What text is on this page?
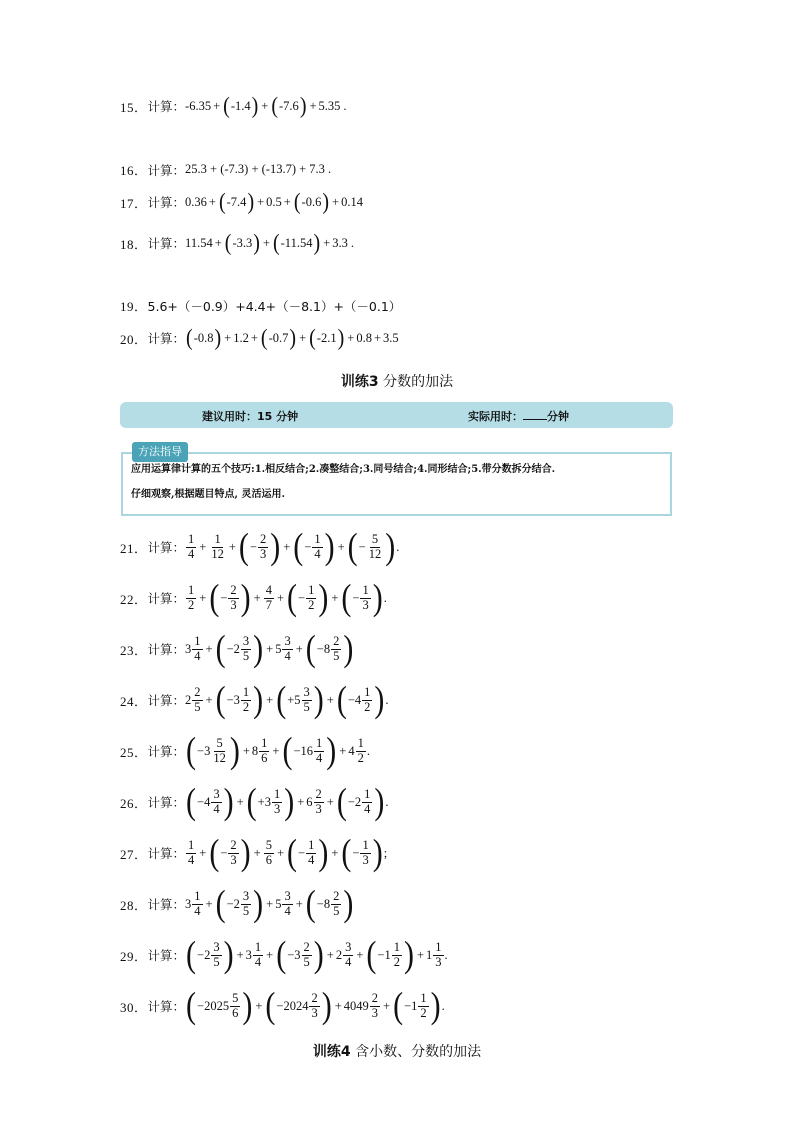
15． 计算： -6.35 + ( -1.4 ) + ( -7.6 ) + 5.35 .
16． 计算： 25.3 + (-7.3) + (-13.7) + 7.3 .
17． 计算： 0.36 + ( -7.4 ) + 0.5 + ( -0.6 ) + 0.14
18． 计算： 11.54 + ( -3.3 ) + ( -11.54 ) + 3.3 .
19． 5.6+（－0.9）+4.4+（－8.1）+（－0.1）
20． 计算： ( -0.8 ) + 1.2 + ( -0.7 ) + ( -2.1 ) + 0.8 + 3.5
训练3 分数的加法
建议用时：15 分钟	实际用时： 分钟
方法指导
应用运算律计算的五个技巧:1.相反结合;2.凑整结合;3.同号结合;4.同形结合;5.带分数拆分结合.
仔细观察,根据题目特点, 灵活运用.
21． 计算： $\frac{1}{4} + \frac{1}{12}$ + ( − $\frac{2}{3}$ ) + ( − $\frac{1}{4}$ ) + ( − $\frac{5}{12}$ ) .
22． 计算： $\frac{1}{2}$ + ( − $\frac{2}{3}$ ) + $\frac{4}{7}$ + ( − $\frac{1}{2}$ ) + ( − $\frac{1}{3}$ ) .
23． 计算： $3 \frac{1}{4}$ + ( $-2 \frac{3}{5}$ ) + $5 \frac{3}{4}$ + ( $-8 \frac{2}{5}$ )
24． 计算： $2 \frac{2}{5}$ + ( $-3 \frac{1}{2}$ ) + ( $+5 \frac{3}{5}$ ) + ( $-4 \frac{1}{2}$ ) .
25． 计算： ( $-3 \frac{5}{12}$ ) + $8 \frac{1}{6}$ + ( $-16 \frac{1}{4}$ ) + $4 \frac{1}{2}$ .
26． 计算： ( $-4 \frac{3}{4}$ ) + ( $+3 \frac{1}{3}$ ) + $6 \frac{2}{3}$ + ( $-2 \frac{1}{4}$ ) .
27． 计算： $\frac{1}{4}$ + ( − $\frac{2}{3}$ ) + $\frac{5}{6}$ + ( − $\frac{1}{4}$ ) + ( − $\frac{1}{3}$ ) ;
28． 计算： $3 \frac{1}{4}$ + ( $-2 \frac{3}{5}$ ) + $5 \frac{3}{4}$ + ( $-8 \frac{2}{5}$ )
29． 计算： ( $-2 \frac{3}{5}$ ) + $3 \frac{1}{4}$ + ( $-3 \frac{2}{5}$ ) + $2 \frac{3}{4}$ + ( $-1 \frac{1}{2}$ ) + $1 \frac{1}{3}$ .
30． 计算： ( $-2025 \frac{5}{6}$ ) + ( $-2024 \frac{2}{3}$ ) + $4049 \frac{2}{3}$ + ( $-1 \frac{1}{2}$ ) .
训练4 含小数、分数的加法
